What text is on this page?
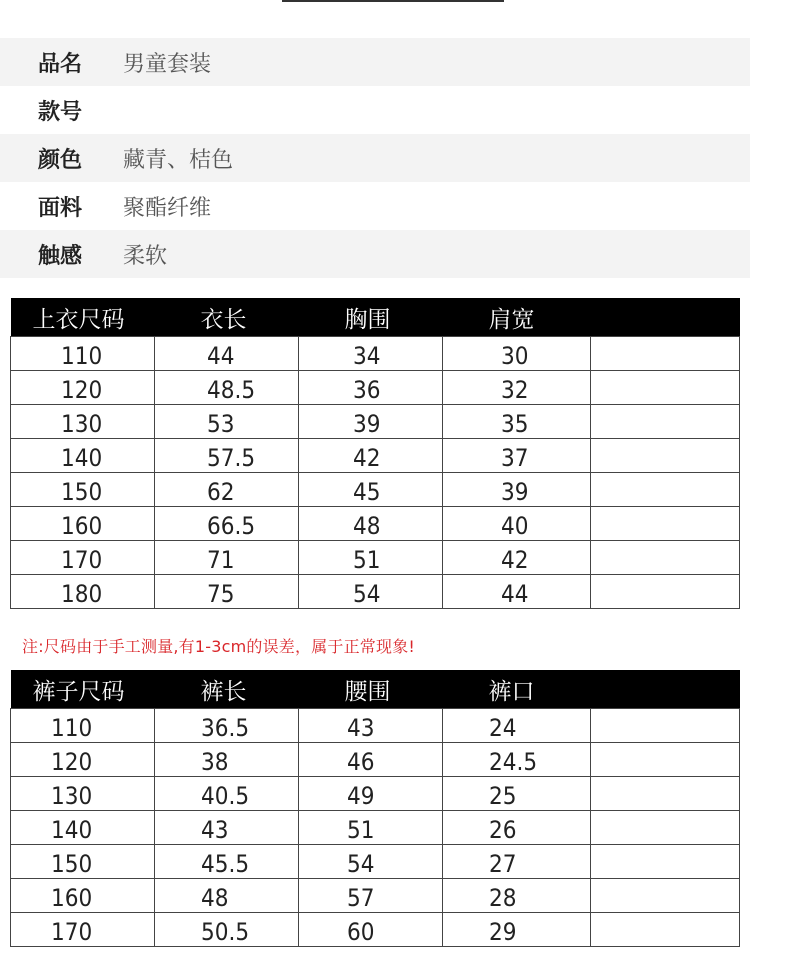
品名	男童套装
款号
颜色	藏青、桔色
面料	聚酯纤维
触感	柔软
上衣尺码	衣长	胸围	肩宽	
110	44	34	30	
120	48.5	36	32	
130	53	39	35	
140	57.5	42	37	
150	62	45	39	
160	66.5	48	40	
170	71	51	42	
180	75	54	44	
注:尺码由于手工测量,有1-3cm的误差，属于正常现象!
裤子尺码	裤长	腰围	裤口	
110	36.5	43	24	
120	38	46	24.5	
130	40.5	49	25	
140	43	51	26	
150	45.5	54	27	
160	48	57	28	
170	50.5	60	29	
